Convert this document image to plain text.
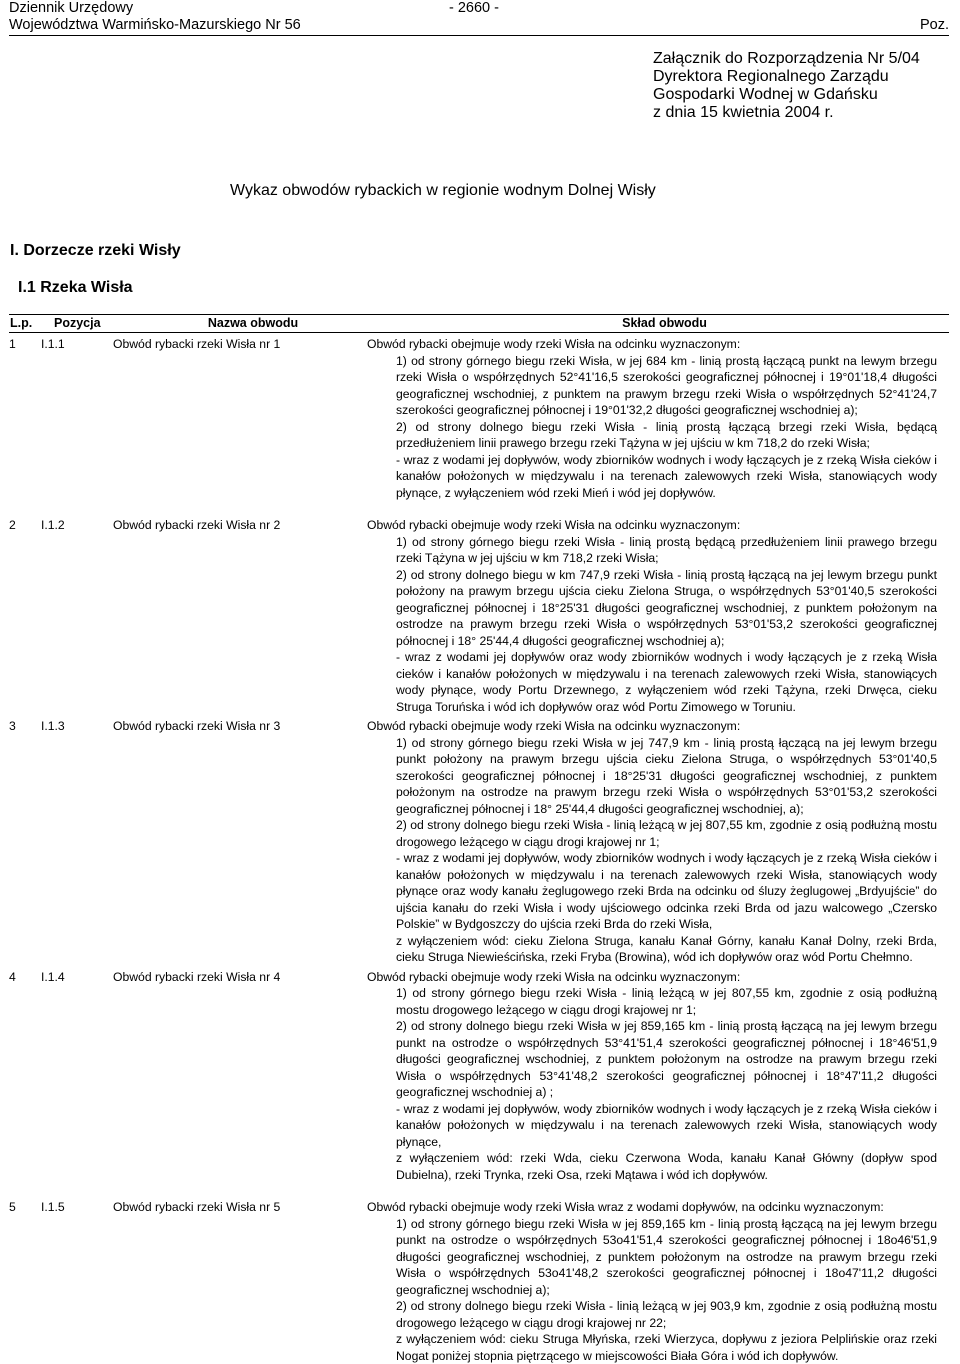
Dziennik Urzędowy	- 2660 -
Województwa Warmińsko-Mazurskiego Nr 56	Poz.
Załącznik do Rozporządzenia Nr 5/04
Dyrektora Regionalnego Zarządu
Gospodarki Wodnej w Gdańsku
z dnia 15 kwietnia 2004 r.
Wykaz obwodów rybackich w regionie wodnym Dolnej Wisły
I. Dorzecze rzeki Wisły
I.1 Rzeka Wisła
L.p.	Pozycja	Nazwa obwodu	Skład obwodu
1	I.1.1	Obwód rybacki rzeki Wisła nr 1	Obwód rybacki obejmuje wody rzeki Wisła na odcinku wyznaczonym:

1) od strony górnego biegu rzeki Wisła, w jej 684 km - linią prostą łączącą punkt na lewym brzegu rzeki Wisła o współrzędnych 52°41'16,5 szerokości geograficznej północnej i 19°01'18,4 długości geograficznej wschodniej, z punktem na prawym brzegu rzeki Wisła o współrzędnych 52°41'24,7 szerokości geograficznej północnej i 19°01'32,2 długości geograficznej wschodniej a);

2) od strony dolnego biegu rzeki Wisła - linią prostą łączącą brzegi rzeki Wisła, będącą przedłużeniem linii prawego brzegu rzeki Tążyna w jej ujściu w km 718,2 do rzeki Wisła;

- wraz z wodami jej dopływów, wody zbiorników wodnych i wody łączących je z rzeką Wisła cieków i kanałów położonych w międzywalu i na terenach zalewowych rzeki Wisła, stanowiących wody płynące, z wyłączeniem wód rzeki Mień i wód jej dopływów.

2	I.1.2	Obwód rybacki rzeki Wisła nr 2	Obwód rybacki obejmuje wody rzeki Wisła na odcinku wyznaczonym:

1) od strony górnego biegu rzeki Wisła - linią prostą będącą przedłużeniem linii prawego brzegu rzeki Tążyna w jej ujściu w km 718,2 rzeki Wisła;

2) od strony dolnego biegu w km 747,9 rzeki Wisła - linią prostą łączącą na jej lewym brzegu punkt położony na prawym brzegu ujścia cieku Zielona Struga, o współrzędnych 53°01'40,5 szerokości geograficznej północnej i 18°25'31 długości geograficznej wschodniej, z punktem położonym na ostrodze na prawym brzegu rzeki Wisła o współrzędnych 53°01'53,2 szerokości geograficznej północnej i 18° 25'44,4 długości geograficznej wschodniej a);

- wraz z wodami jej dopływów oraz wody zbiorników wodnych i wody łączących je z rzeką Wisła cieków i kanałów położonych w międzywalu i na terenach zalewowych rzeki Wisła, stanowiących wody płynące, wody Portu Drzewnego, z wyłączeniem wód rzeki Tążyna, rzeki Drwęca, cieku Struga Toruńska i wód ich dopływów oraz wód Portu Zimowego w Toruniu.

3	I.1.3	Obwód rybacki rzeki Wisła nr 3	Obwód rybacki obejmuje wody rzeki Wisła na odcinku wyznaczonym:

1) od strony górnego biegu rzeki Wisła w jej 747,9 km - linią prostą łączącą na jej lewym brzegu punkt położony na prawym brzegu ujścia cieku Zielona Struga, o współrzędnych 53°01'40,5 szerokości geograficznej północnej i 18°25'31 długości geograficznej wschodniej, z punktem położonym na ostrodze na prawym brzegu rzeki Wisła o współrzędnych 53°01'53,2 szerokości geograficznej północnej i 18° 25'44,4 długości geograficznej wschodniej, a);

2) od strony dolnego biegu rzeki Wisła - linią leżącą w jej 807,55 km, zgodnie z osią podłużną mostu drogowego leżącego w ciągu drogi krajowej nr 1;

- wraz z wodami jej dopływów, wody zbiorników wodnych i wody łączących je z rzeką Wisła cieków i kanałów położonych w międzywalu i na terenach zalewowych rzeki Wisła, stanowiących wody płynące oraz wody kanału żeglugowego rzeki Brda na odcinku od śluzy żeglugowej „Brdyujście” do ujścia kanału do rzeki Wisła i wody ujściowego odcinka rzeki Brda od jazu walcowego „Czersko Polskie” w Bydgoszczy do ujścia rzeki Brda do rzeki Wisła,

z wyłączeniem wód: cieku Zielona Struga, kanału Kanał Górny, kanału Kanał Dolny, rzeki Brda, cieku Struga Niewieścińska, rzeki Fryba (Browina), wód ich dopływów oraz wód Portu Chełmno.

4	I.1.4	Obwód rybacki rzeki Wisła nr 4	Obwód rybacki obejmuje wody rzeki Wisła na odcinku wyznaczonym:

1) od strony górnego biegu rzeki Wisła - linią leżącą w jej 807,55 km, zgodnie z osią podłużną mostu drogowego leżącego w ciągu drogi krajowej nr 1;

2) od strony dolnego biegu rzeki Wisła w jej 859,165 km - linią prostą łączącą na jej lewym brzegu punkt na ostrodze o współrzędnych 53°41'51,4 szerokości geograficznej północnej i 18°46'51,9 długości geograficznej wschodniej, z punktem położonym na ostrodze na prawym brzegu rzeki Wisła o współrzędnych 53°41'48,2 szerokości geograficznej północnej i 18°47'11,2 długości geograficznej wschodniej a) ;

- wraz z wodami jej dopływów, wody zbiorników wodnych i wody łączących je z rzeką Wisła cieków i kanałów położonych w międzywalu i na terenach zalewowych rzeki Wisła, stanowiących wody płynące,

z wyłączeniem wód: rzeki Wda, cieku Czerwona Woda, kanału Kanał Główny (dopływ spod Dubielna), rzeki Trynka, rzeki Osa, rzeki Mątawa i wód ich dopływów.

5	I.1.5	Obwód rybacki rzeki Wisła nr 5	Obwód rybacki obejmuje wody rzeki Wisła wraz z wodami dopływów, na odcinku wyznaczonym:

1) od strony górnego biegu rzeki Wisła w jej 859,165 km - linią prostą łączącą na jej lewym brzegu punkt na ostrodze o współrzędnych 53o41'51,4 szerokości geograficznej północnej i 18o46'51,9 długości geograficznej wschodniej, z punktem położonym na ostrodze na prawym brzegu rzeki Wisła o współrzędnych 53o41'48,2 szerokości geograficznej północnej i 18o47'11,2 długości geograficznej wschodniej a);

2) od strony dolnego biegu rzeki Wisła - linią leżącą w jej 903,9 km, zgodnie z osią podłużną mostu drogowego leżącego w ciągu drogi krajowej nr 22;

z wyłączeniem wód: cieku Struga Młyńska, rzeki Wierzyca, dopływu z jeziora Pelplińskie oraz rzeki Nogat poniżej stopnia piętrzącego w miejscowości Biała Góra i wód ich dopływów.
